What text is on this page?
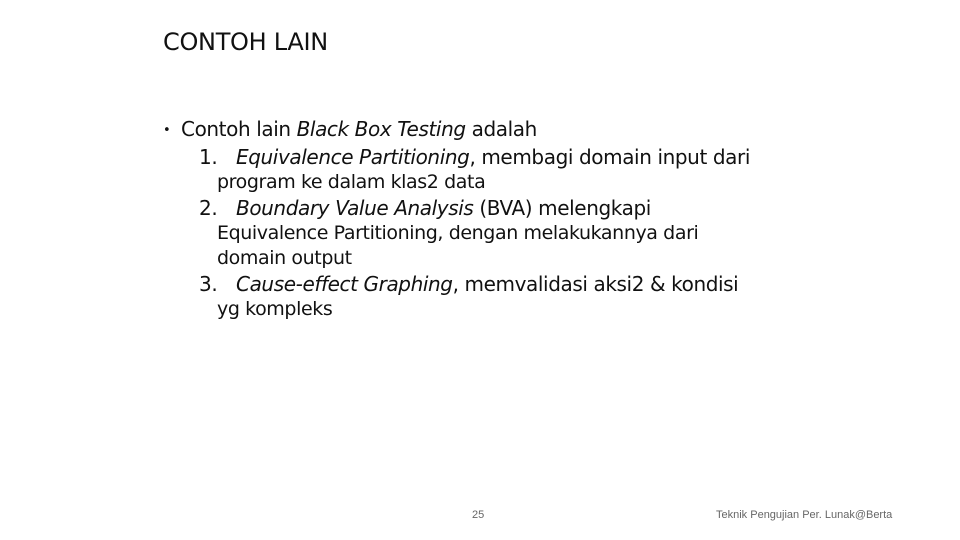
CONTOH LAIN
• Contoh lain Black Box Testing adalah
1. Equivalence Partitioning, membagi domain input dari
program ke dalam klas2 data
2. Boundary Value Analysis (BVA) melengkapi
Equivalence Partitioning, dengan melakukannya dari
domain output
3. Cause-effect Graphing, memvalidasi aksi2 & kondisi
yg kompleks
25	Teknik Pengujian Per. Lunak@Berta
